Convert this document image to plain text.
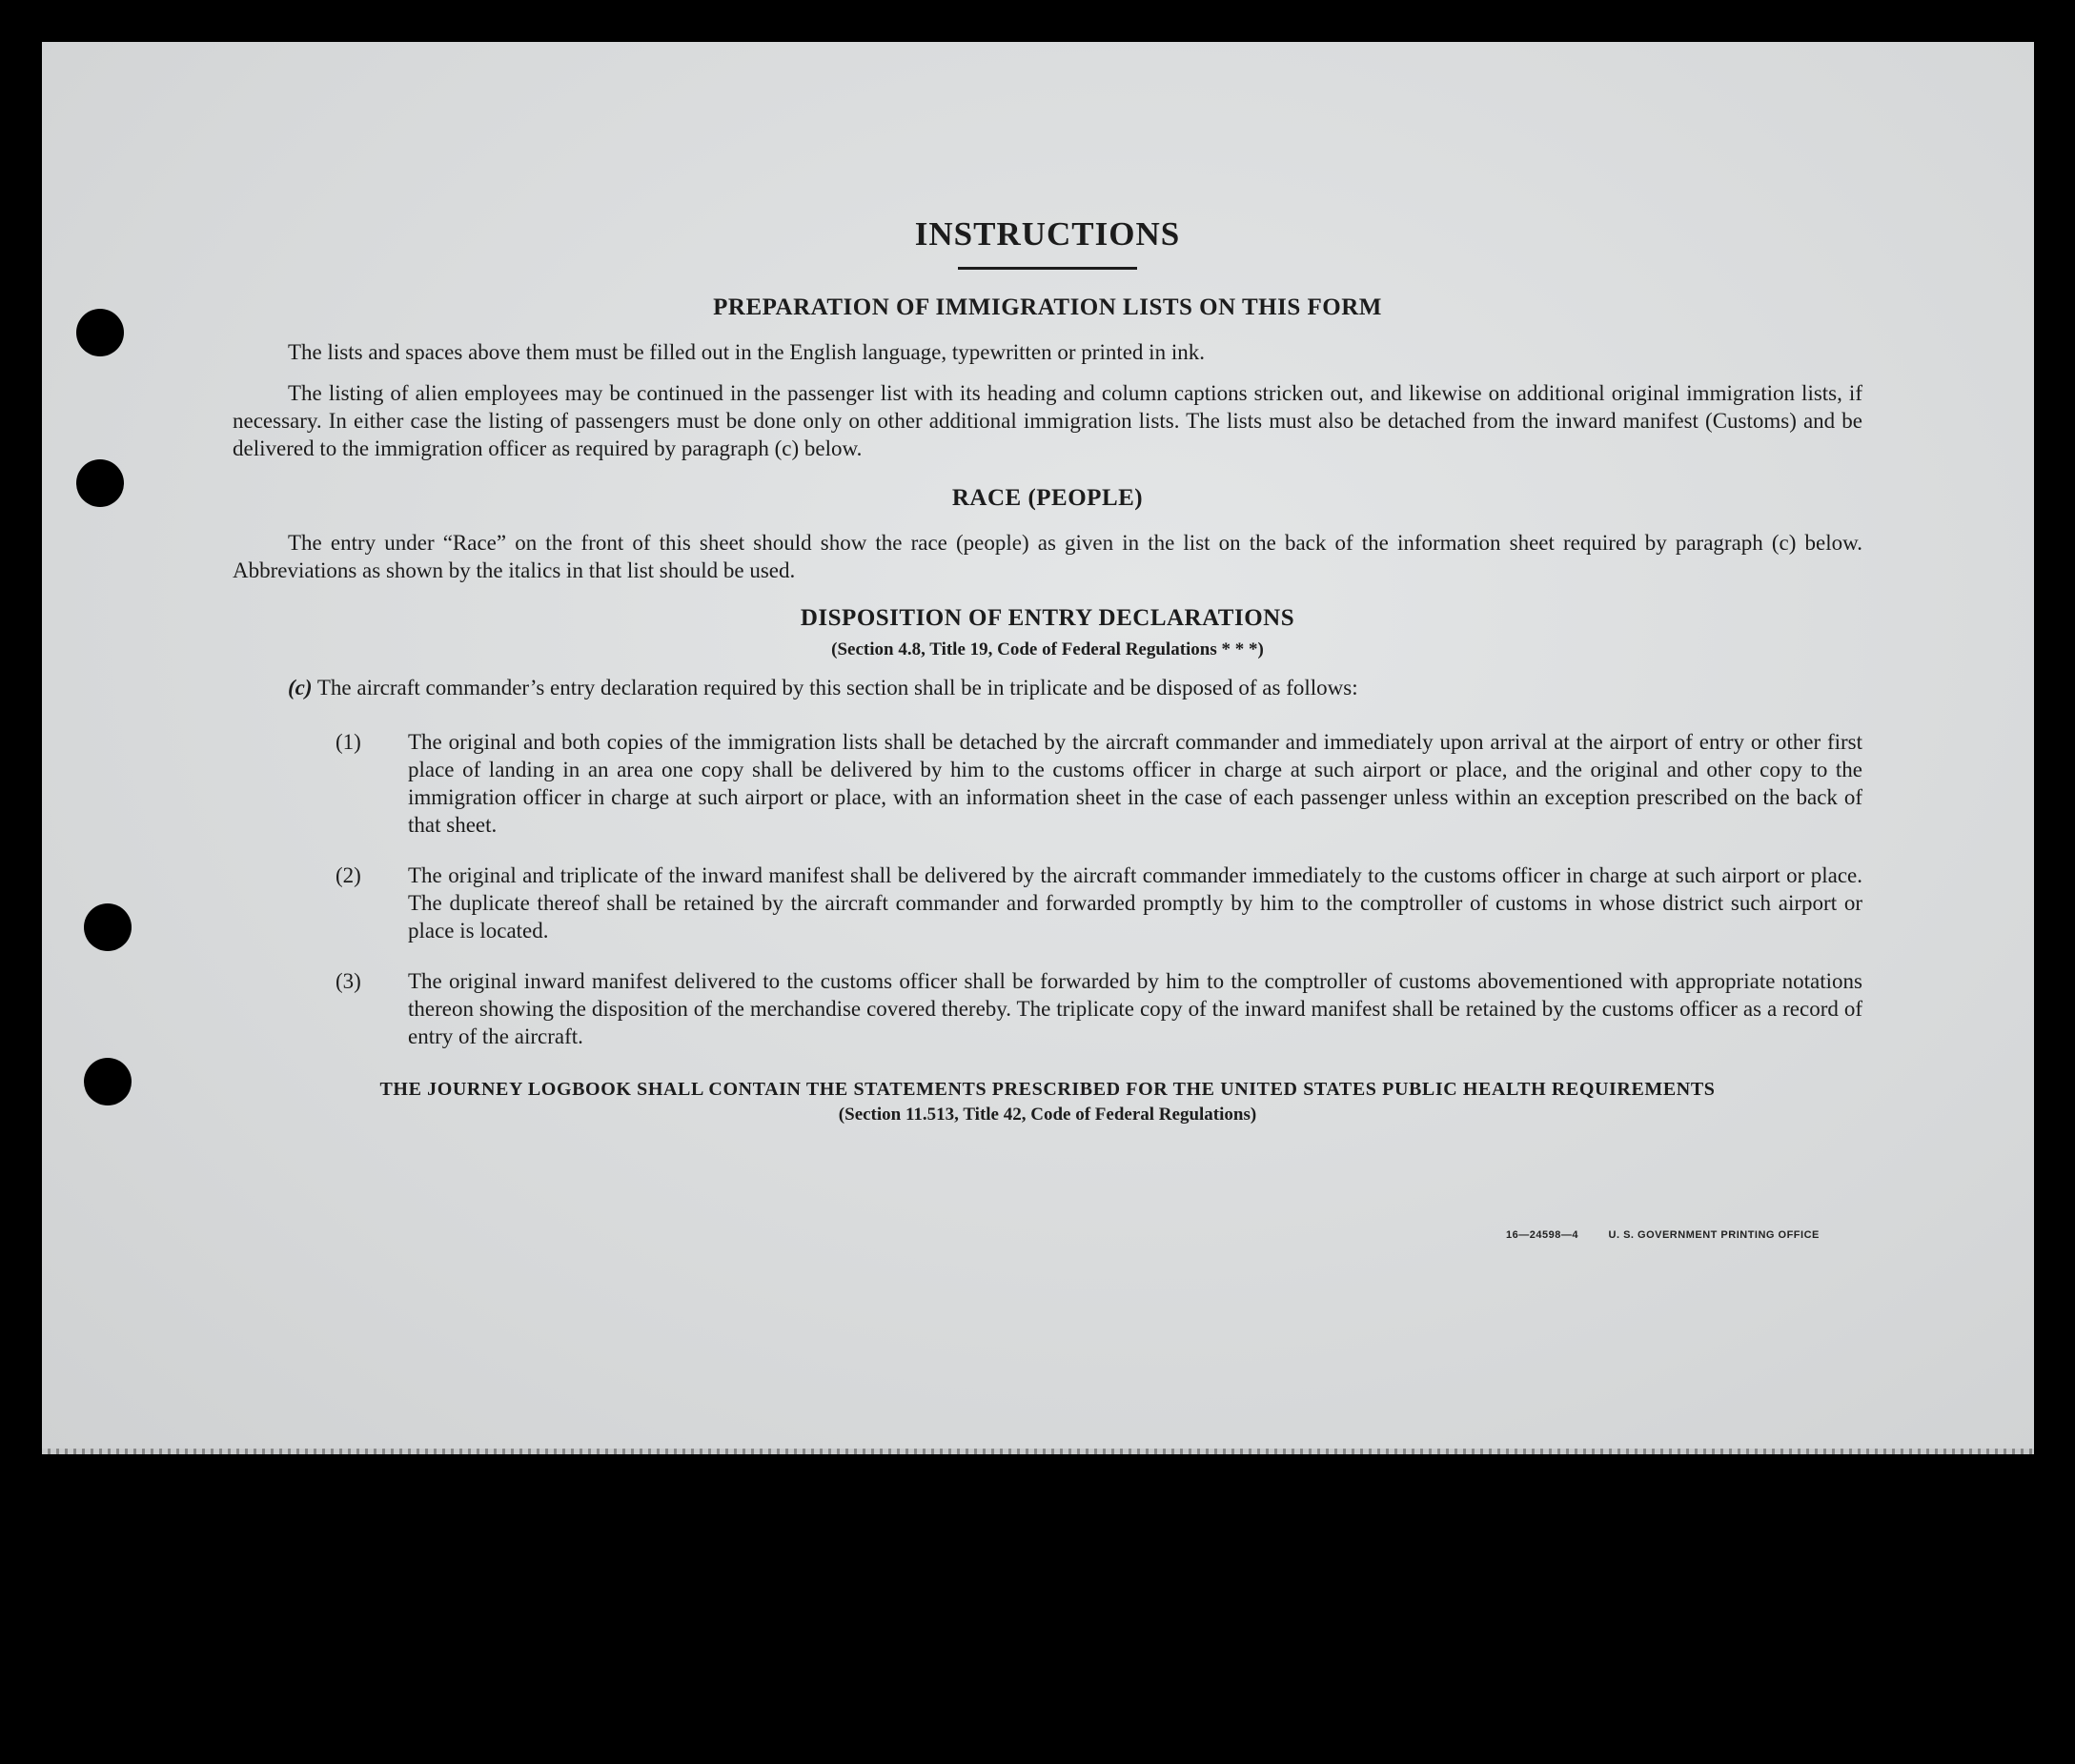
INSTRUCTIONS
PREPARATION OF IMMIGRATION LISTS ON THIS FORM

The lists and spaces above them must be filled out in the English language, typewritten or printed in ink.

The listing of alien employees may be continued in the passenger list with its heading and column captions stricken out, and likewise on additional original immigration lists, if necessary. In either case the listing of passengers must be done only on other additional immigration lists. The lists must also be detached from the inward manifest (Customs) and be delivered to the immigration officer as required by paragraph (c) below.

RACE (PEOPLE)

The entry under “Race” on the front of this sheet should show the race (people) as given in the list on the back of the information sheet required by paragraph (c) below. Abbreviations as shown by the italics in that list should be used.

DISPOSITION OF ENTRY DECLARATIONS
(Section 4.8, Title 19, Code of Federal Regulations * * *)

(c) The aircraft commander’s entry declaration required by this section shall be in triplicate and be disposed of as follows:

(1) The original and both copies of the immigration lists shall be detached by the aircraft commander and immediately upon arrival at the airport of entry or other first place of landing in an area one copy shall be delivered by him to the customs officer in charge at such airport or place, and the original and other copy to the immigration officer in charge at such airport or place, with an information sheet in the case of each passenger unless within an exception prescribed on the back of that sheet.
(2) The original and triplicate of the inward manifest shall be delivered by the aircraft commander immediately to the customs officer in charge at such airport or place. The duplicate thereof shall be retained by the aircraft commander and forwarded promptly by him to the comptroller of customs in whose district such airport or place is located.
(3) The original inward manifest delivered to the customs officer shall be forwarded by him to the comptroller of customs abovementioned with appropriate notations thereon showing the disposition of the merchandise covered thereby. The triplicate copy of the inward manifest shall be retained by the customs officer as a record of entry of the aircraft.
THE JOURNEY LOGBOOK SHALL CONTAIN THE STATEMENTS PRESCRIBED FOR THE UNITED STATES PUBLIC HEALTH REQUIREMENTS
(Section 11.513, Title 42, Code of Federal Regulations)
16—24598—4	U. S. GOVERNMENT PRINTING OFFICE
